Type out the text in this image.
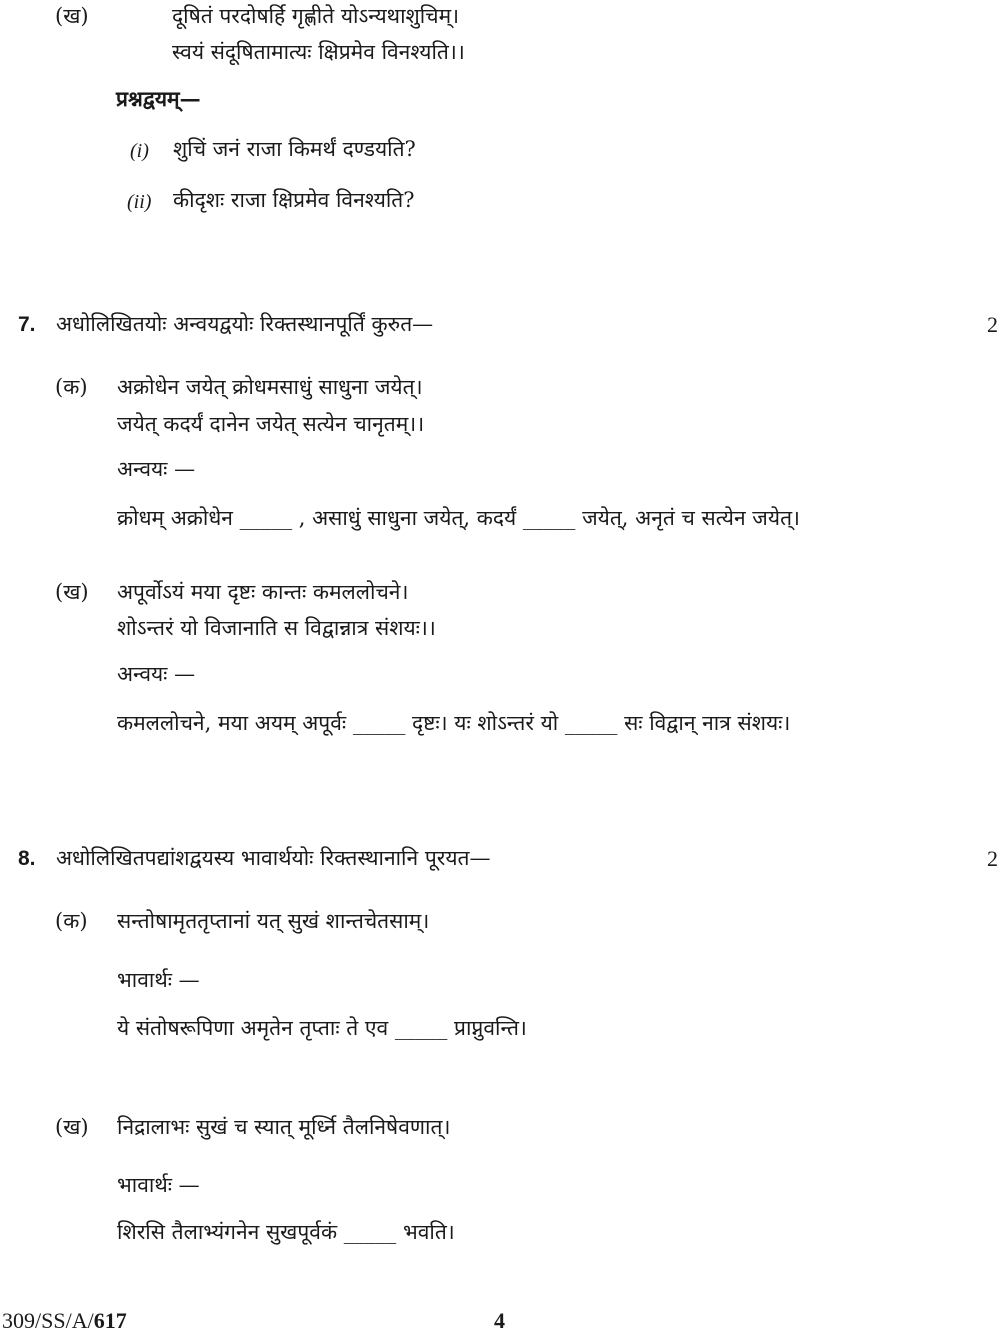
(ख)	दूषितं परदोषर्हि गृह्णीते योऽन्यथाशुचिम्।
स्वयं संदूषितामात्यः क्षिप्रमेव विनश्यति।।
प्रश्नद्वयम्—
(i) शुचिं जनं राजा किमर्थं दण्डयति?
(ii) कीदृशः राजा क्षिप्रमेव विनश्यति?
7. अधोलिखितयोः अन्वयद्वयोः रिक्तस्थानपूर्तिं कुरुत—	2
(क) अक्रोधेन जयेत् क्रोधमसाधुं साधुना जयेत्।
जयेत् कदर्यं दानेन जयेत् सत्येन चानृतम्।।
अन्वयः —
क्रोधम् अक्रोधेन _____ , असाधुं साधुना जयेत्, कदर्यं _____ जयेत्, अनृतं च सत्येन जयेत्।
(ख) अपूर्वोऽयं मया दृष्टः कान्तः कमललोचने।
शोऽन्तरं यो विजानाति स विद्वान्नात्र संशयः।।
अन्वयः —
कमललोचने, मया अयम् अपूर्वः _____ दृष्टः। यः शोऽन्तरं यो _____ सः विद्वान् नात्र संशयः।
8. अधोलिखितपद्यांशद्वयस्य भावार्थयोः रिक्तस्थानानि पूरयत—	2
(क) सन्तोषामृततृप्तानां यत् सुखं शान्तचेतसाम्।
भावार्थः —
ये संतोषरूपिणा अमृतेन तृप्ताः ते एव _____ प्राप्नुवन्ति।
(ख) निद्रालाभः सुखं च स्यात् मूर्ध्नि तैलनिषेवणात्।
भावार्थः —
शिरसि तैलाभ्यंगनेन सुखपूर्वकं _____ भवति।
309/SS/A/617	4
